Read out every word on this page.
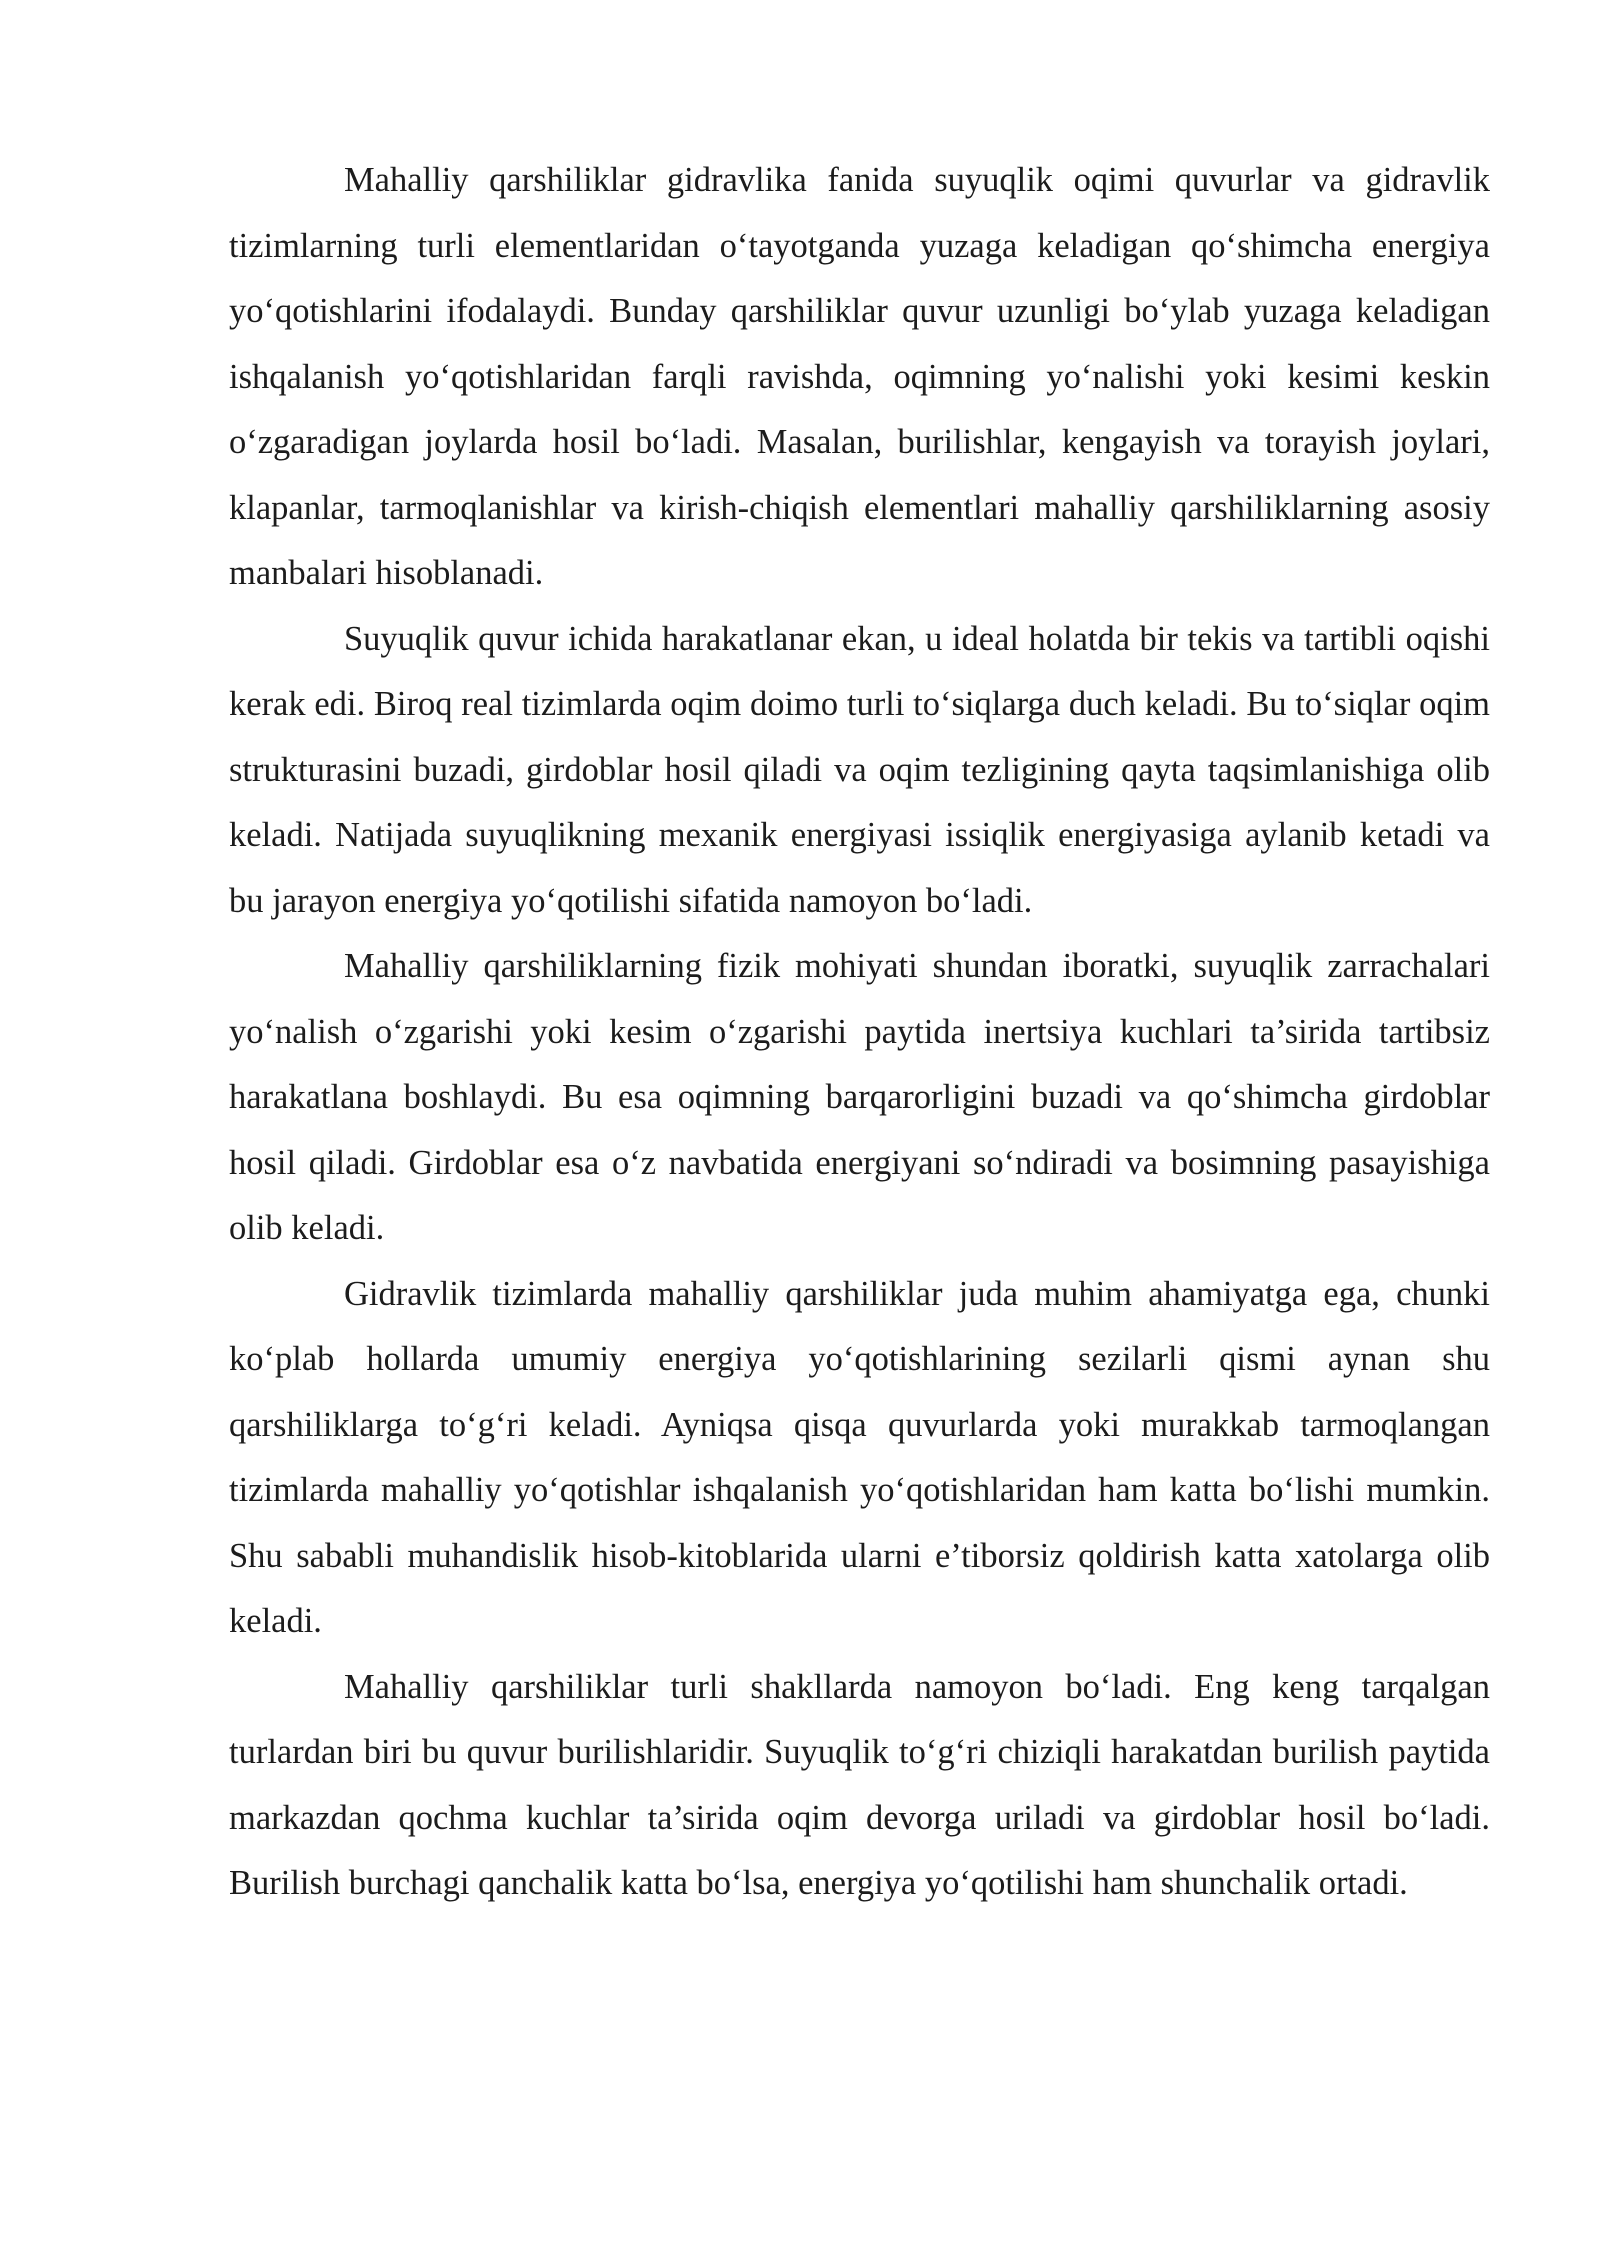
Mahalliy qarshiliklar gidravlika fanida suyuqlik oqimi quvurlar va gidravlik tizimlarning turli elementlaridan oʻtayotganda yuzaga keladigan qoʻshimcha energiya yoʻqotishlarini ifodalaydi. Bunday qarshiliklar quvur uzunligi boʻylab yuzaga keladigan ishqalanish yoʻqotishlaridan farqli ravishda, oqimning yoʻnalishi yoki kesimi keskin oʻzgaradigan joylarda hosil boʻladi. Masalan, burilishlar, kengayish va torayish joylari, klapanlar, tarmoqlanishlar va kirish-chiqish elementlari mahalliy qarshiliklarning asosiy manbalari hisoblanadi.

Suyuqlik quvur ichida harakatlanar ekan, u ideal holatda bir tekis va tartibli oqishi kerak edi. Biroq real tizimlarda oqim doimo turli toʻsiqlarga duch keladi. Bu toʻsiqlar oqim strukturasini buzadi, girdoblar hosil qiladi va oqim tezligining qayta taqsimlanishiga olib keladi. Natijada suyuqlikning mexanik energiyasi issiqlik energiyasiga aylanib ketadi va bu jarayon energiya yoʻqotilishi sifatida namoyon boʻladi.

Mahalliy qarshiliklarning fizik mohiyati shundan iboratki, suyuqlik zarrachalari yoʻnalish oʻzgarishi yoki kesim oʻzgarishi paytida inertsiya kuchlari ta’sirida tartibsiz harakatlana boshlaydi. Bu esa oqimning barqarorligini buzadi va qoʻshimcha girdoblar hosil qiladi. Girdoblar esa oʻz navbatida energiyani soʻndiradi va bosimning pasayishiga olib keladi.

Gidravlik tizimlarda mahalliy qarshiliklar juda muhim ahamiyatga ega, chunki koʻplab hollarda umumiy energiya yoʻqotishlarining sezilarli qismi aynan shu qarshiliklarga toʻgʻri keladi. Ayniqsa qisqa quvurlarda yoki murakkab tarmoqlangan tizimlarda mahalliy yoʻqotishlar ishqalanish yoʻqotishlaridan ham katta boʻlishi mumkin. Shu sababli muhandislik hisob-kitoblarida ularni e’tiborsiz qoldirish katta xatolarga olib keladi.

Mahalliy qarshiliklar turli shakllarda namoyon boʻladi. Eng keng tarqalgan turlardan biri bu quvur burilishlaridir. Suyuqlik toʻgʻri chiziqli harakatdan burilish paytida markazdan qochma kuchlar ta’sirida oqim devorga uriladi va girdoblar hosil boʻladi. Burilish burchagi qanchalik katta boʻlsa, energiya yoʻqotilishi ham shunchalik ortadi.
